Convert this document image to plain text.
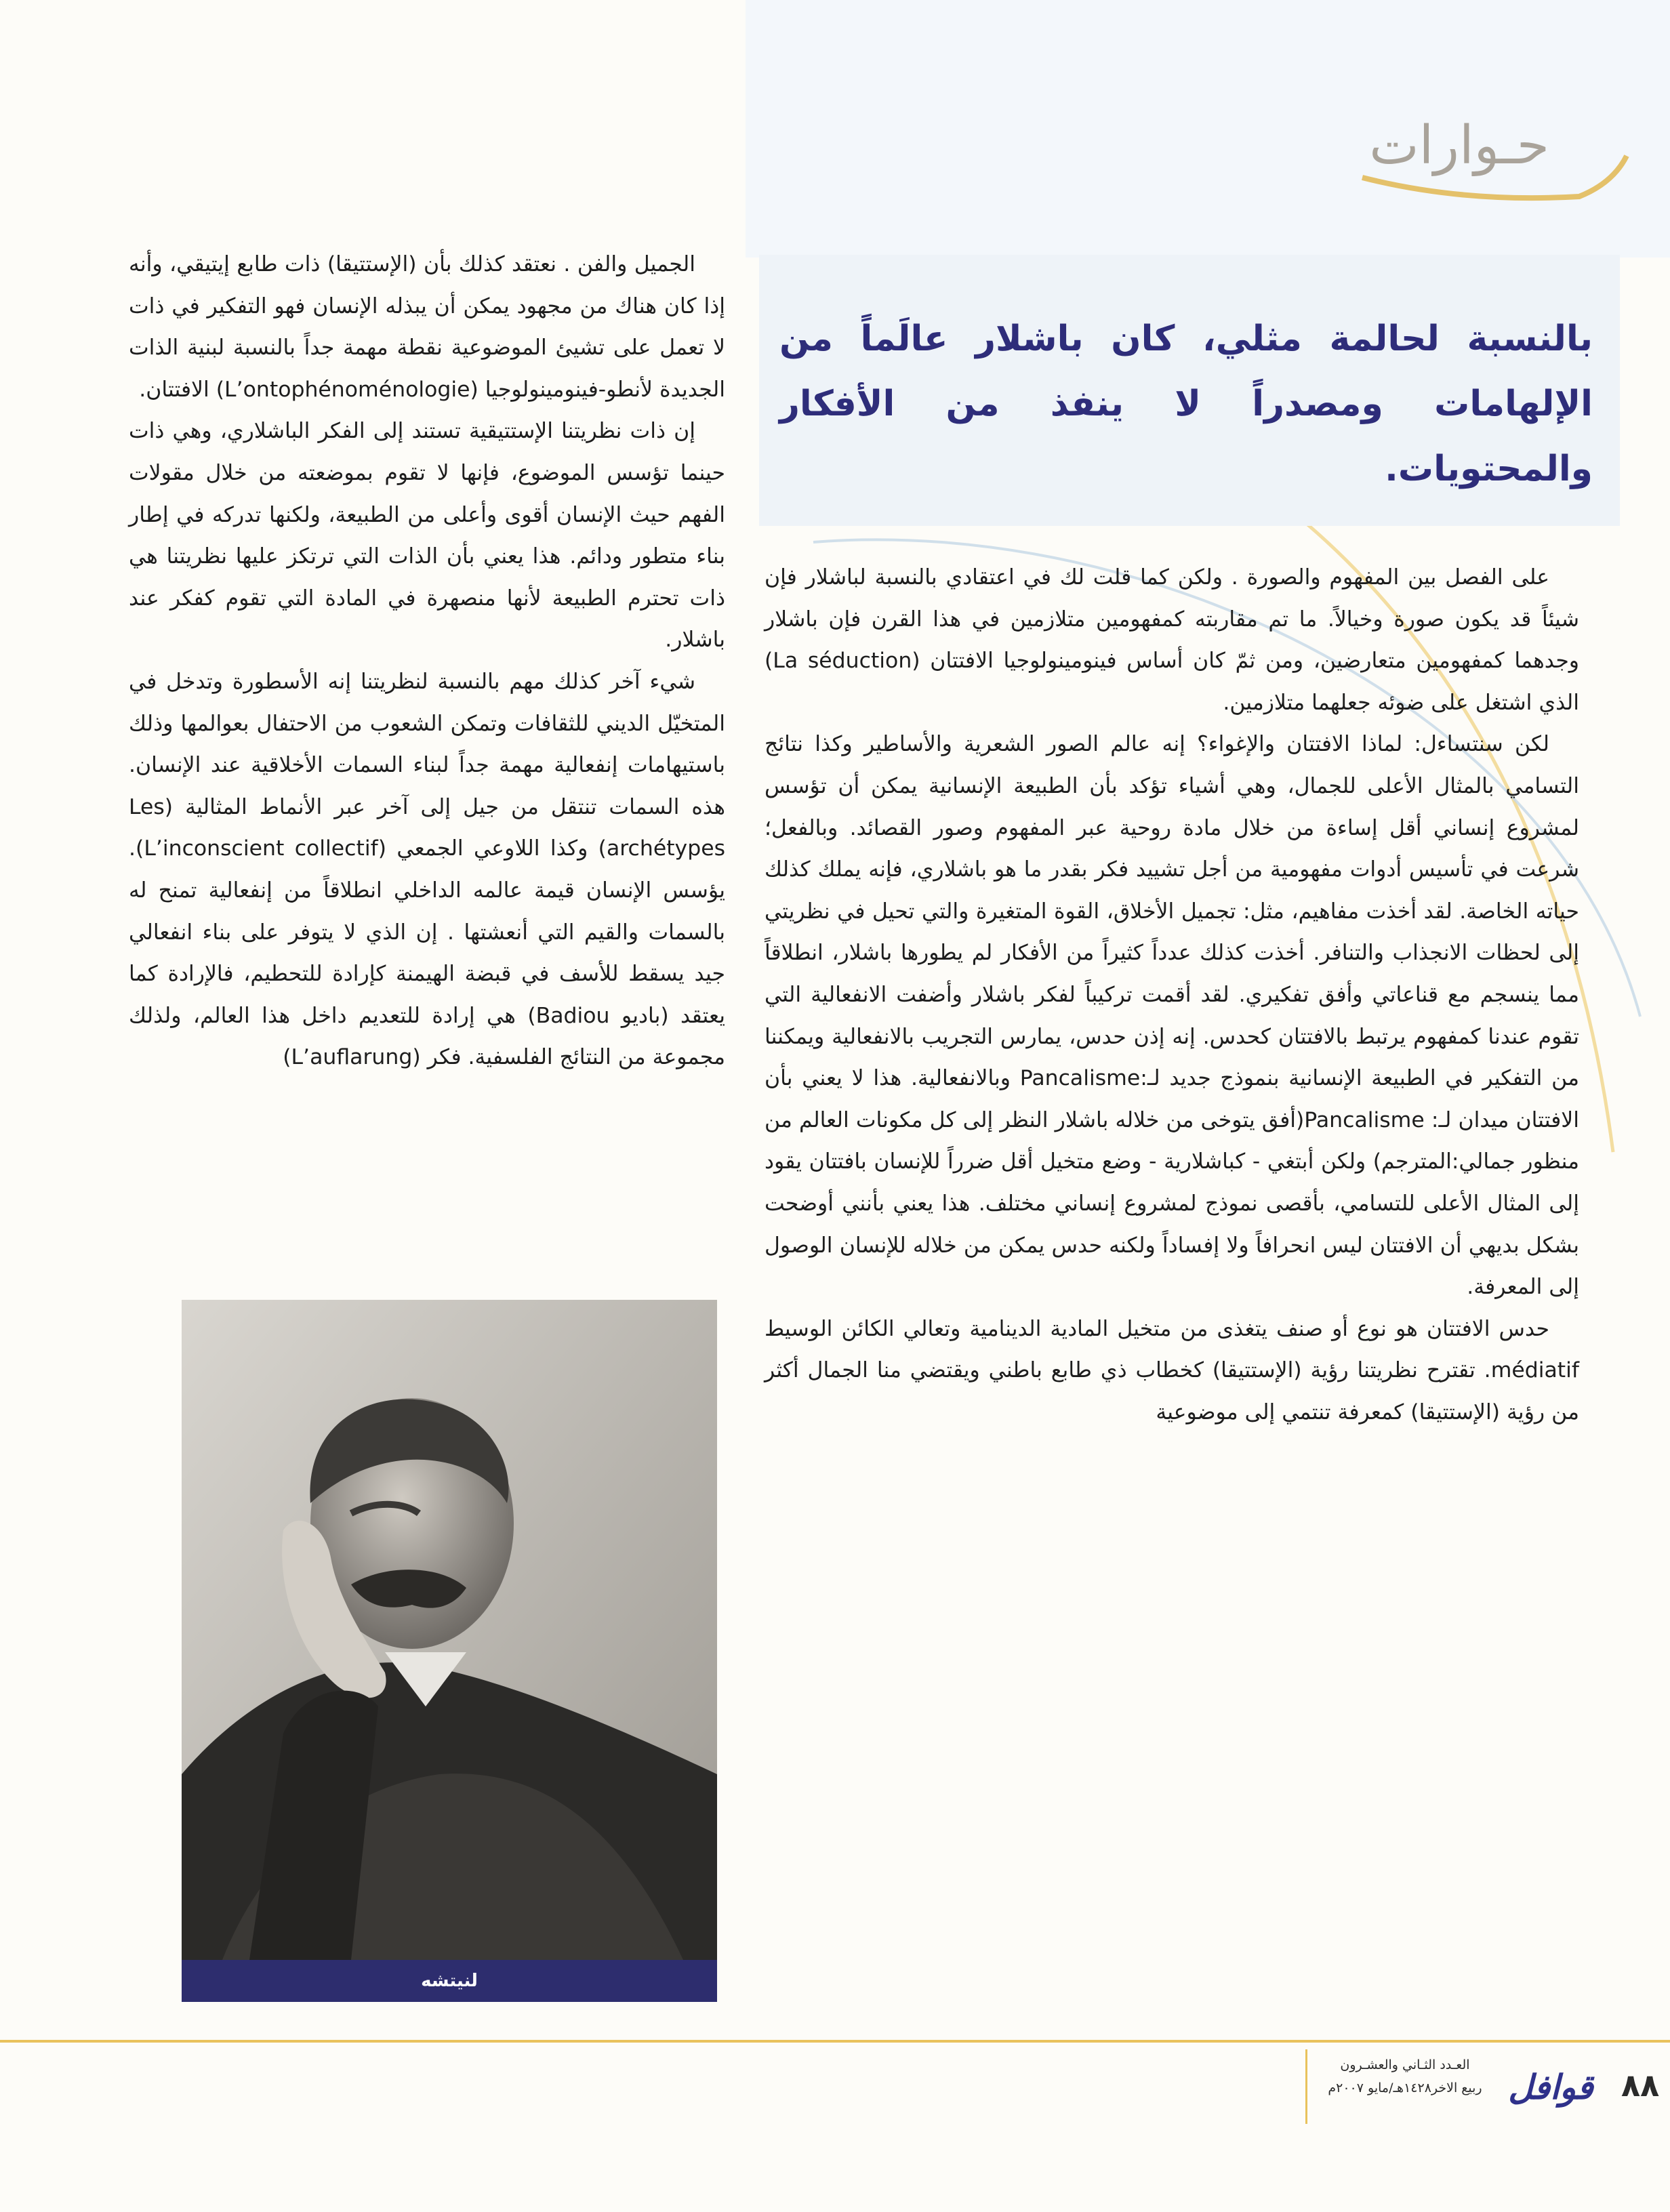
حـوارات
بالنسبة لحالمة مثلي، كان باشلار عالَماً من الإلهامات ومصدراً لا ينفذ من الأفكار والمحتويات.

على الفصل بين المفهوم والصورة . ولكن كما قلت لك في اعتقادي بالنسبة لباشلار فإن شيئاً قد يكون صورة وخيالاً. ما تم مقاربته كمفهومين متلازمين في هذا القرن فإن باشلار وجدهما كمفهومين متعارضين، ومن ثمّ كان أساس فينومينولوجيا الافتتان (La séduction) الذي اشتغل على ضوئه جعلهما متلازمين.

لكن سنتساءل: لماذا الافتتان والإغواء؟ إنه عالم الصور الشعرية والأساطير وكذا نتائج التسامي بالمثال الأعلى للجمال، وهي أشياء تؤكد بأن الطبيعة الإنسانية يمكن أن تؤسس لمشروع إنساني أقل إساءة من خلال مادة روحية عبر المفهوم وصور القصائد. وبالفعل؛ شرعت في تأسيس أدوات مفهومية من أجل تشييد فكر بقدر ما هو باشلاري، فإنه يملك كذلك حياته الخاصة. لقد أخذت مفاهيم، مثل: تجميل الأخلاق، القوة المتغيرة والتي تحيل في نظريتي إلى لحظات الانجذاب والتنافر. أخذت كذلك عدداً كثيراً من الأفكار لم يطورها باشلار، انطلاقاً مما ينسجم مع قناعاتي وأفق تفكيري. لقد أقمت تركيباً لفكر باشلار وأضفت الانفعالية التي تقوم عندنا كمفهوم يرتبط بالافتتان كحدس. إنه إذن حدس، يمارس التجريب بالانفعالية ويمكننا من التفكير في الطبيعة الإنسانية بنموذج جديد لـ:Pancalisme وبالانفعالية. هذا لا يعني بأن الافتتان ميدان لـ: Pancalisme(أفق يتوخى من خلاله باشلار النظر إلى كل مكونات العالم من منظور جمالي:المترجم) ولكن أبتغي - كباشلارية - وضع متخيل أقل ضرراً للإنسان بافتتان يقود إلى المثال الأعلى للتسامي، بأقصى نموذج لمشروع إنساني مختلف. هذا يعني بأنني أوضحت بشكل بديهي أن الافتتان ليس انحرافاً ولا إفساداً ولكنه حدس يمكن من خلاله للإنسان الوصول إلى المعرفة.

حدس الافتتان هو نوع أو صنف يتغذى من متخيل المادية الدينامية وتعالي الكائن الوسيط médiatif. تقترح نظريتنا رؤية (الإستتيقا) كخطاب ذي طابع باطني ويقتضي منا الجمال أكثر من رؤية (الإستتيقا) كمعرفة تنتمي إلى موضوعية

الجميل والفن . نعتقد كذلك بأن (الإستتيقا) ذات طابع إيتيقي، وأنه إذا كان هناك من مجهود يمكن أن يبذله الإنسان فهو التفكير في ذات لا تعمل على تشيئ الموضوعية نقطة مهمة جداً بالنسبة لبنية الذات الجديدة لأنطو-فينومينولوجيا (L’ontophénoménologie) الافتتان.

إن ذات نظريتنا الإستتيقية تستند إلى الفكر الباشلاري، وهي ذات حينما تؤسس الموضوع، فإنها لا تقوم بموضعته من خلال مقولات الفهم حيث الإنسان أقوى وأعلى من الطبيعة، ولكنها تدركه في إطار بناء متطور ودائم. هذا يعني بأن الذات التي ترتكز عليها نظريتنا هي ذات تحترم الطبيعة لأنها منصهرة في المادة التي تقوم كفكر عند باشلار.

شيء آخر كذلك مهم بالنسبة لنظريتنا إنه الأسطورة وتدخل في المتخيّل الديني للثقافات وتمكن الشعوب من الاحتفال بعوالمها وذلك باستيهامات إنفعالية مهمة جداً لبناء السمات الأخلاقية عند الإنسان. هذه السمات تنتقل من جيل إلى آخر عبر الأنماط المثالية (Les archétypes) وكذا اللاوعي الجمعي (L’inconscient collectif). يؤسس الإنسان قيمة عالمه الداخلي انطلاقاً من إنفعالية تمنح له بالسمات والقيم التي أنعشتها . إن الذي لا يتوفر على بناء انفعالي جيد يسقط للأسف في قبضة الهيمنة كإرادة للتحطيم، فالإرادة كما يعتقد (باديو Badiou) هي إرادة للتعديم داخل هذا العالم، ولذلك مجموعة من النتائج الفلسفية. فكر (L’auflarung)

لنيتشه
٨٨
قوافل
العـدد الثـاني والعشـرون
ربيع الاخر١٤٢٨هـ/مايو ٢٠٠٧م
